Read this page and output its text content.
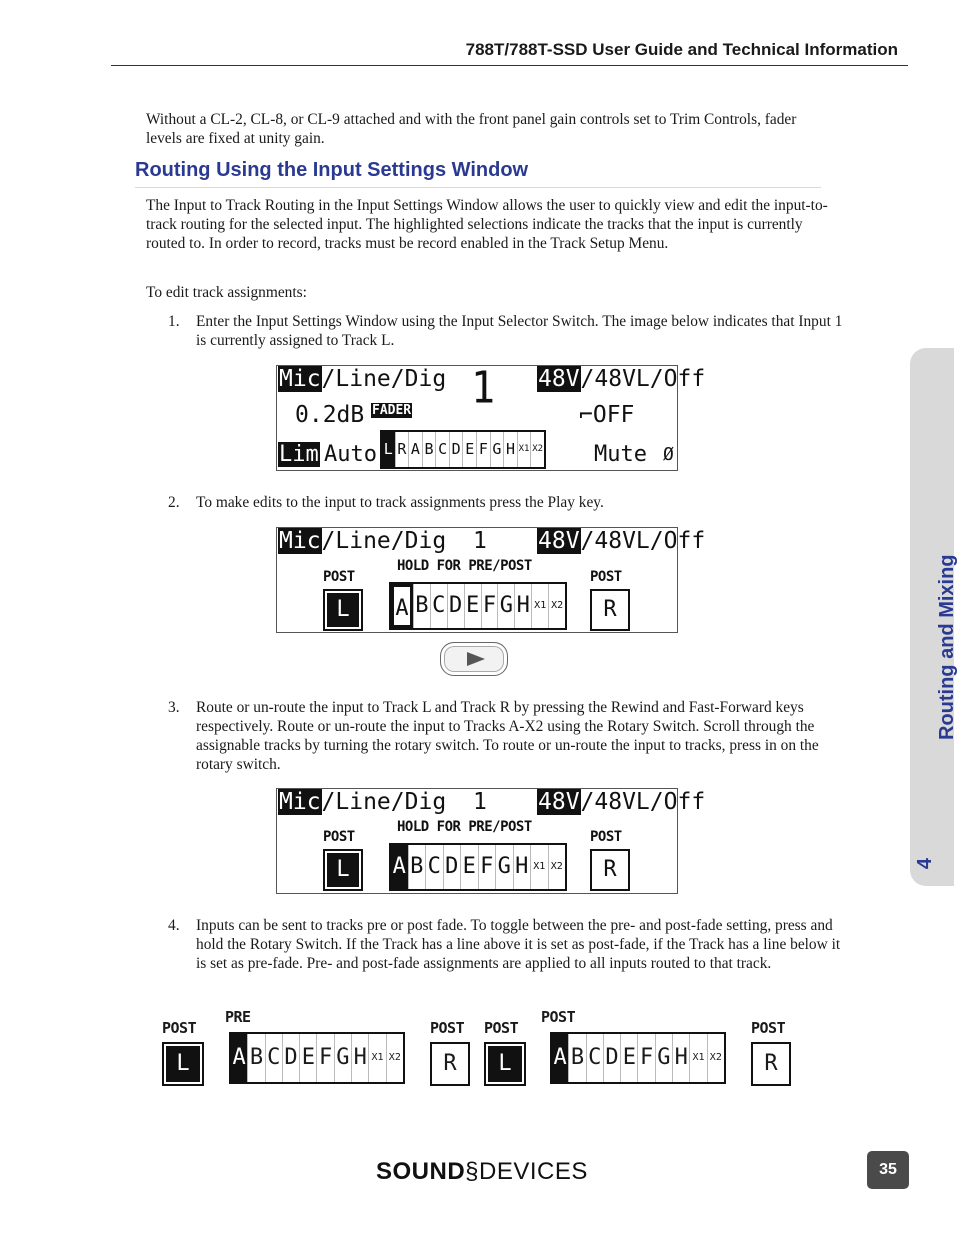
788T/788T-SSD User Guide and Technical Information
Without a CL-2, CL-8, or CL-9 attached and with the front panel gain controls set to Trim Controls, fader levels are fixed at unity gain.
Routing Using the Input Settings Window
The Input to Track Routing in the Input Settings Window allows the user to quickly view and edit the input-to-track routing for the selected input. The highlighted selections indicate the tracks that the input is currently routed to. In order to record, tracks must be record enabled in the Track Setup Menu.
To edit track assignments:
1. Enter the Input Settings Window using the Input Selector Switch. The image below indicates that Input 1 is currently assigned to Track L.
Mic/Line/Dig 1 48V/48VL/Off
0.2dB FADER	⌐OFF
Lim Auto L R A B C D E F G H X1 X2 Mute Ø
2. To make edits to the input to track assignments press the Play key.
Mic/Line/Dig 1 48V/48VL/Off
HOLD FOR PRE/POST
POST	POST
L	A B C D E F G H X1 X2	R
3. Route or un-route the input to Track L and Track R by pressing the Rewind and Fast-Forward keys respectively. Route or un-route the input to Tracks A-X2 using the Rotary Switch. Scroll through the assignable tracks by turning the rotary switch. To route or un-route the input to tracks, press in on the rotary switch.
Mic/Line/Dig 1 48V/48VL/Off
HOLD FOR PRE/POST
POST	POST
L	A B C D E F G H X1 X2	R
4. Inputs can be sent to tracks pre or post fade. To toggle between the pre- and post-fade setting, press and hold the Rotary Switch. If the Track has a line above it is set as post-fade, if the Track has a line below it is set as pre-fade. Pre- and post-fade assignments are applied to all inputs routed to that track.
POST
L
PRE
A B C D E F G H X1 X2
POST
R
POST
L
POST
A B C D E F G H X1 X2
POST
R
Routing and Mixing
4
SOUND§DEVICES	35
